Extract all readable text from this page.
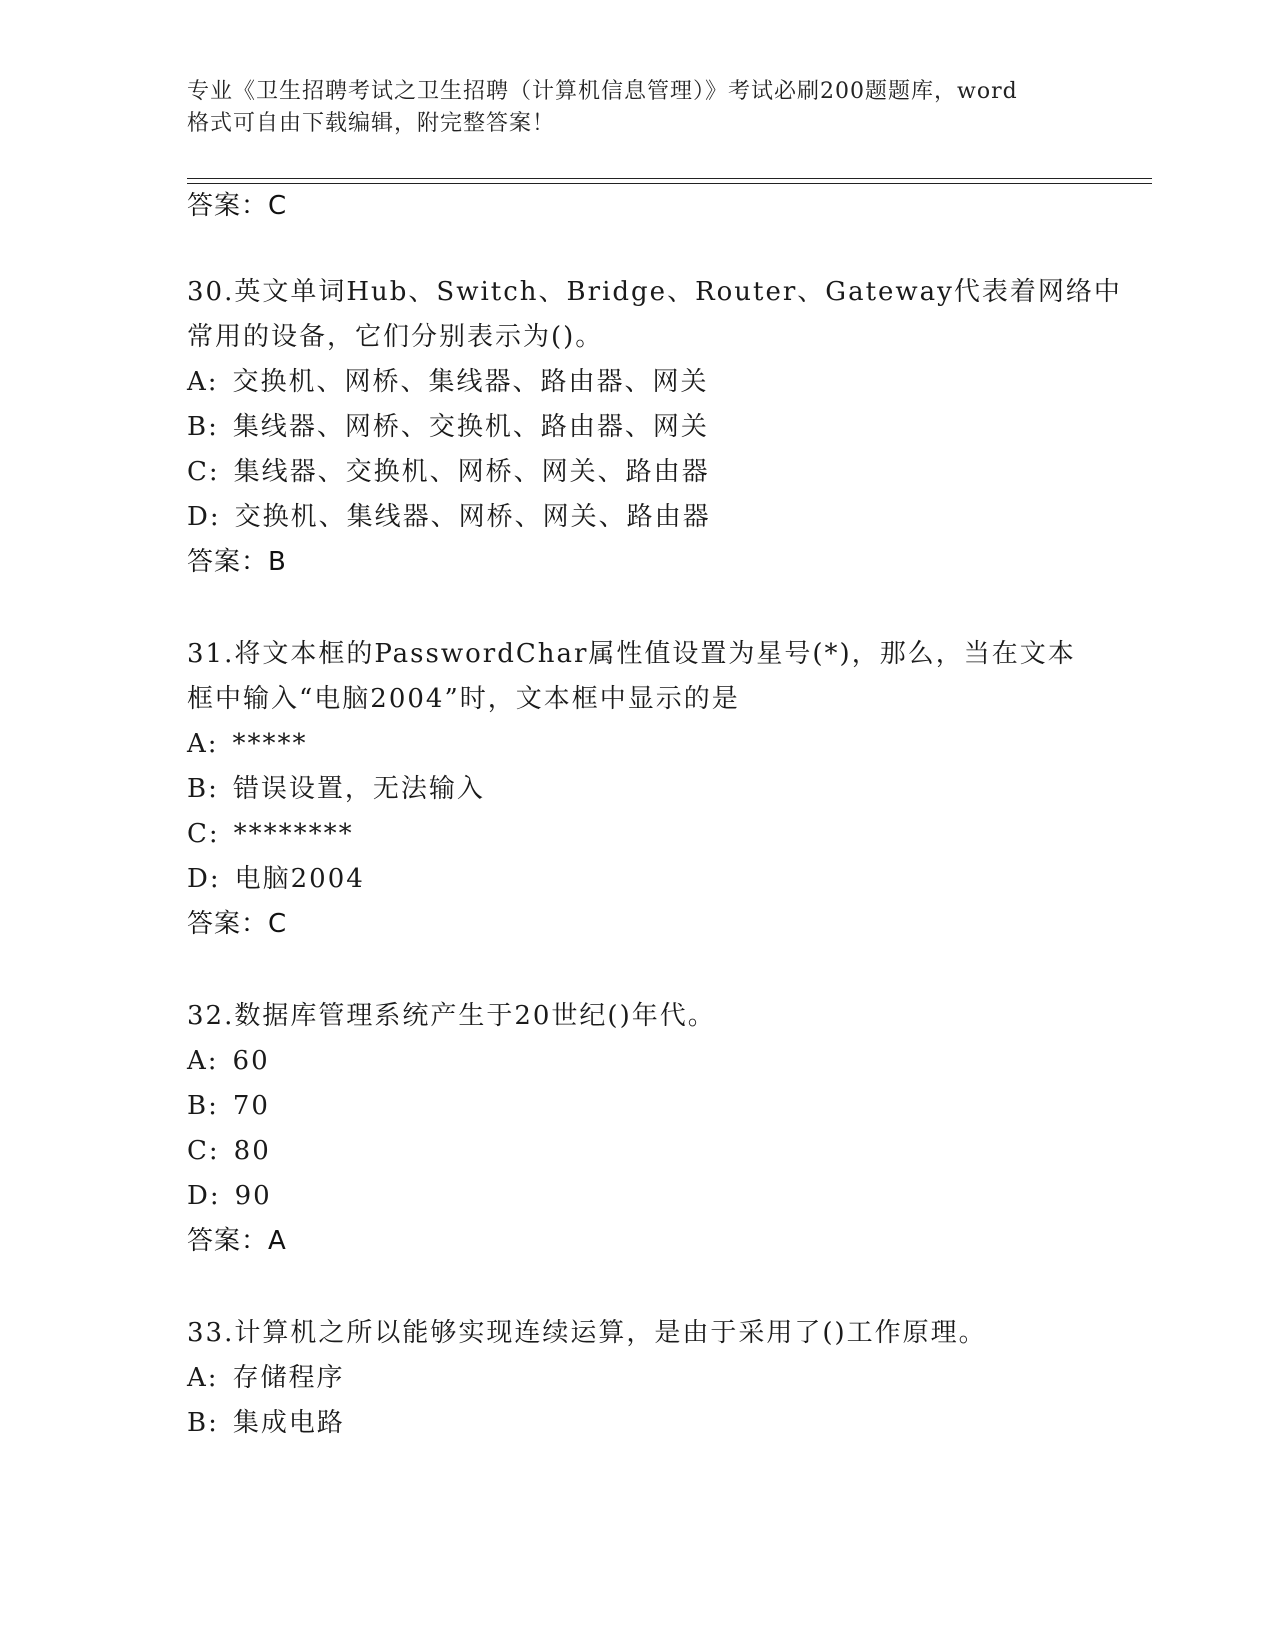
专业《卫生招聘考试之卫生招聘（计算机信息管理）》考试必刷200题题库，word
格式可自由下载编辑，附完整答案！
答案：C
30.英文单词Hub、Switch、Bridge、Router、Gateway代表着网络中
常用的设备，它们分别表示为()。
A: 交换机、网桥、集线器、路由器、网关
B: 集线器、网桥、交换机、路由器、网关
C: 集线器、交换机、网桥、网关、路由器
D: 交换机、集线器、网桥、网关、路由器
答案：B
31.将文本框的PasswordChar属性值设置为星号(*)，那么，当在文本
框中输入“电脑2004”时，文本框中显示的是
A: *****
B: 错误设置，无法输入
C: ********
D: 电脑2004
答案：C
32.数据库管理系统产生于20世纪()年代。
A: 60
B: 70
C: 80
D: 90
答案：A
33.计算机之所以能够实现连续运算，是由于采用了()工作原理。
A: 存储程序
B: 集成电路
